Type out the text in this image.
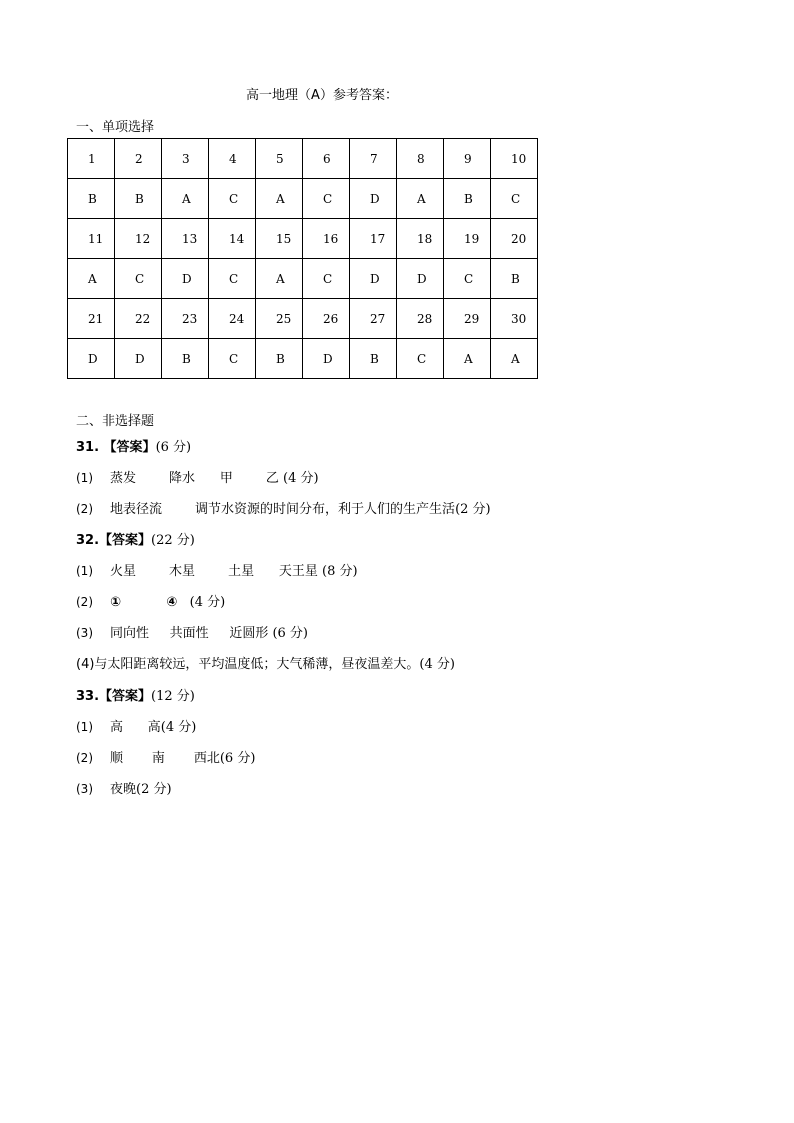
高一地理（A）参考答案：
一、单项选择
1	2	3	4	5	6	7	8	9	10
B	B	A	C	A	C	D	A	B	C
11	12	13	14	15	16	17	18	19	20
A	C	D	C	A	C	D	D	C	B
21	22	23	24	25	26	27	28	29	30
D	D	B	C	B	D	B	C	A	A
二、非选择题
31. 【答案】(6 分)
(1) 蒸发        降水      甲        乙 (4 分)
(2) 地表径流        调节水资源的时间分布，利于人们的生产生活(2 分)
32.【答案】(22 分)
(1) 火星        木星        土星      天王星 (8 分)
(2) ①          ④   (4 分)
(3) 同向性     共面性     近圆形 (6 分)
(4)与太阳距离较远，平均温度低；大气稀薄，昼夜温差大。(4 分)
33.【答案】(12 分)
(1) 高      高(4 分)
(2) 顺       南       西北(6 分)
(3) 夜晚(2 分)
